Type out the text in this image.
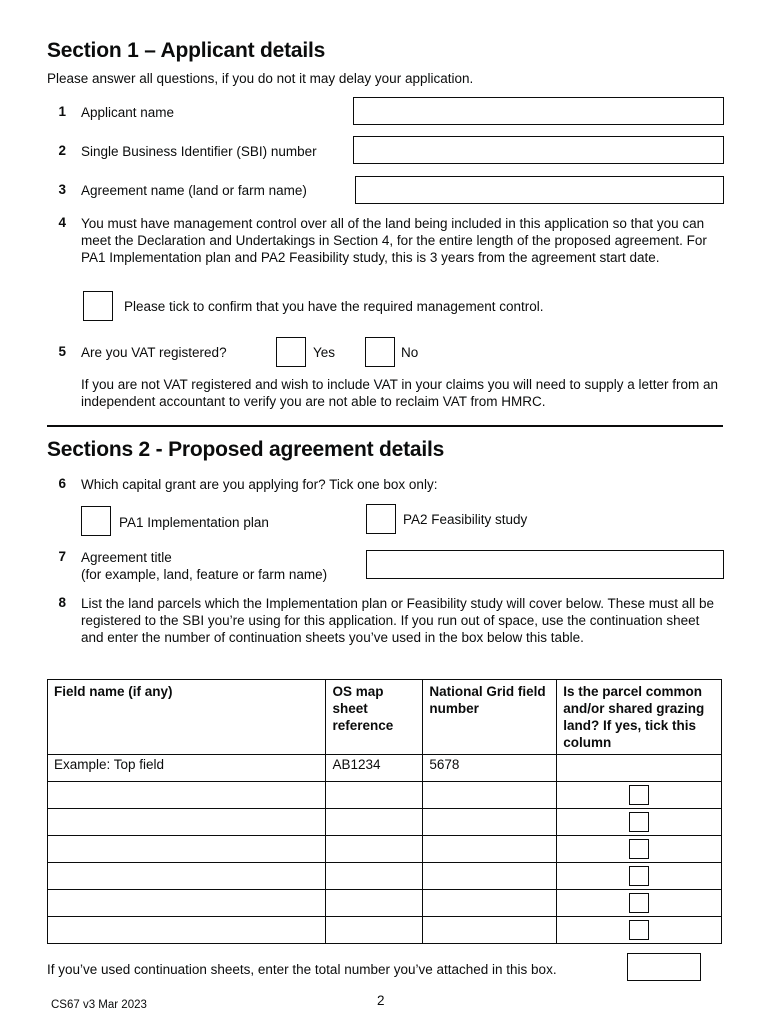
Section 1 – Applicant details
Please answer all questions, if you do not it may delay your application.
1 Applicant name
2 Single Business Identifier (SBI) number
3 Agreement name (land or farm name)
4 You must have management control over all of the land being included in this application so that you can meet the Declaration and Undertakings in Section 4, for the entire length of the proposed agreement. For PA1 Implementation plan and PA2 Feasibility study, this is 3 years from the agreement start date.
Please tick to confirm that you have the required management control.
5 Are you VAT registered?	Yes	No
If you are not VAT registered and wish to include VAT in your claims you will need to supply a letter from an independent accountant to verify you are not able to reclaim VAT from HMRC.
Sections 2 - Proposed agreement details
6 Which capital grant are you applying for? Tick one box only:
PA1 Implementation plan	PA2 Feasibility study
7 Agreement title
(for example, land, feature or farm name)
8 List the land parcels which the Implementation plan or Feasibility study will cover below. These must all be registered to the SBI you’re using for this application. If you run out of space, use the continuation sheet and enter the number of continuation sheets you’ve used in the box below this table.
Field name (if any)	OS map sheet reference	National Grid field number	Is the parcel common and/or shared grazing land? If yes, tick this column
Example: Top field	AB1234	5678	

If you’ve used continuation sheets, enter the total number you’ve attached in this box.
CS67 v3 Mar 2023	2
